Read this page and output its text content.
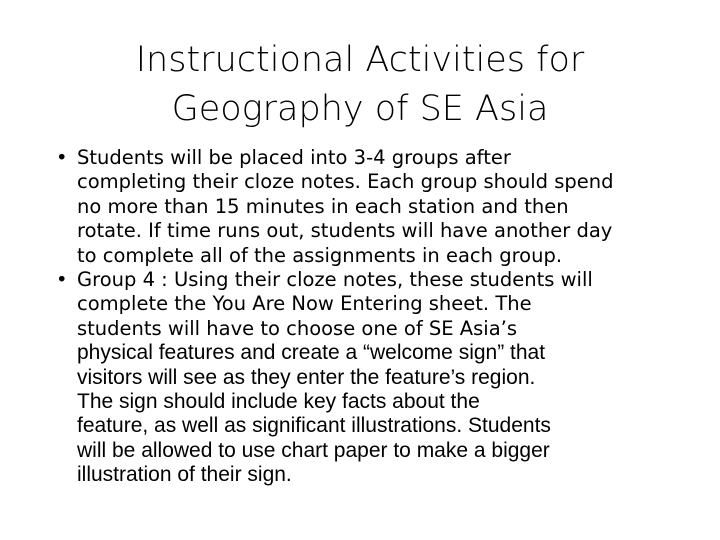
Instructional Activities for
Geography of SE Asia
• Students will be placed into 3-4 groups after
completing their cloze notes. Each group should spend
no more than 15 minutes in each station and then
rotate. If time runs out, students will have another day
to complete all of the assignments in each group.
• Group 4 : Using their cloze notes, these students will
complete the You Are Now Entering sheet. The
students will have to choose one of SE Asia’s
physical features and create a “welcome sign” that
visitors will see as they enter the feature’s region.
The sign should include key facts about the
feature, as well as significant illustrations. Students
will be allowed to use chart paper to make a bigger
illustration of their sign.
